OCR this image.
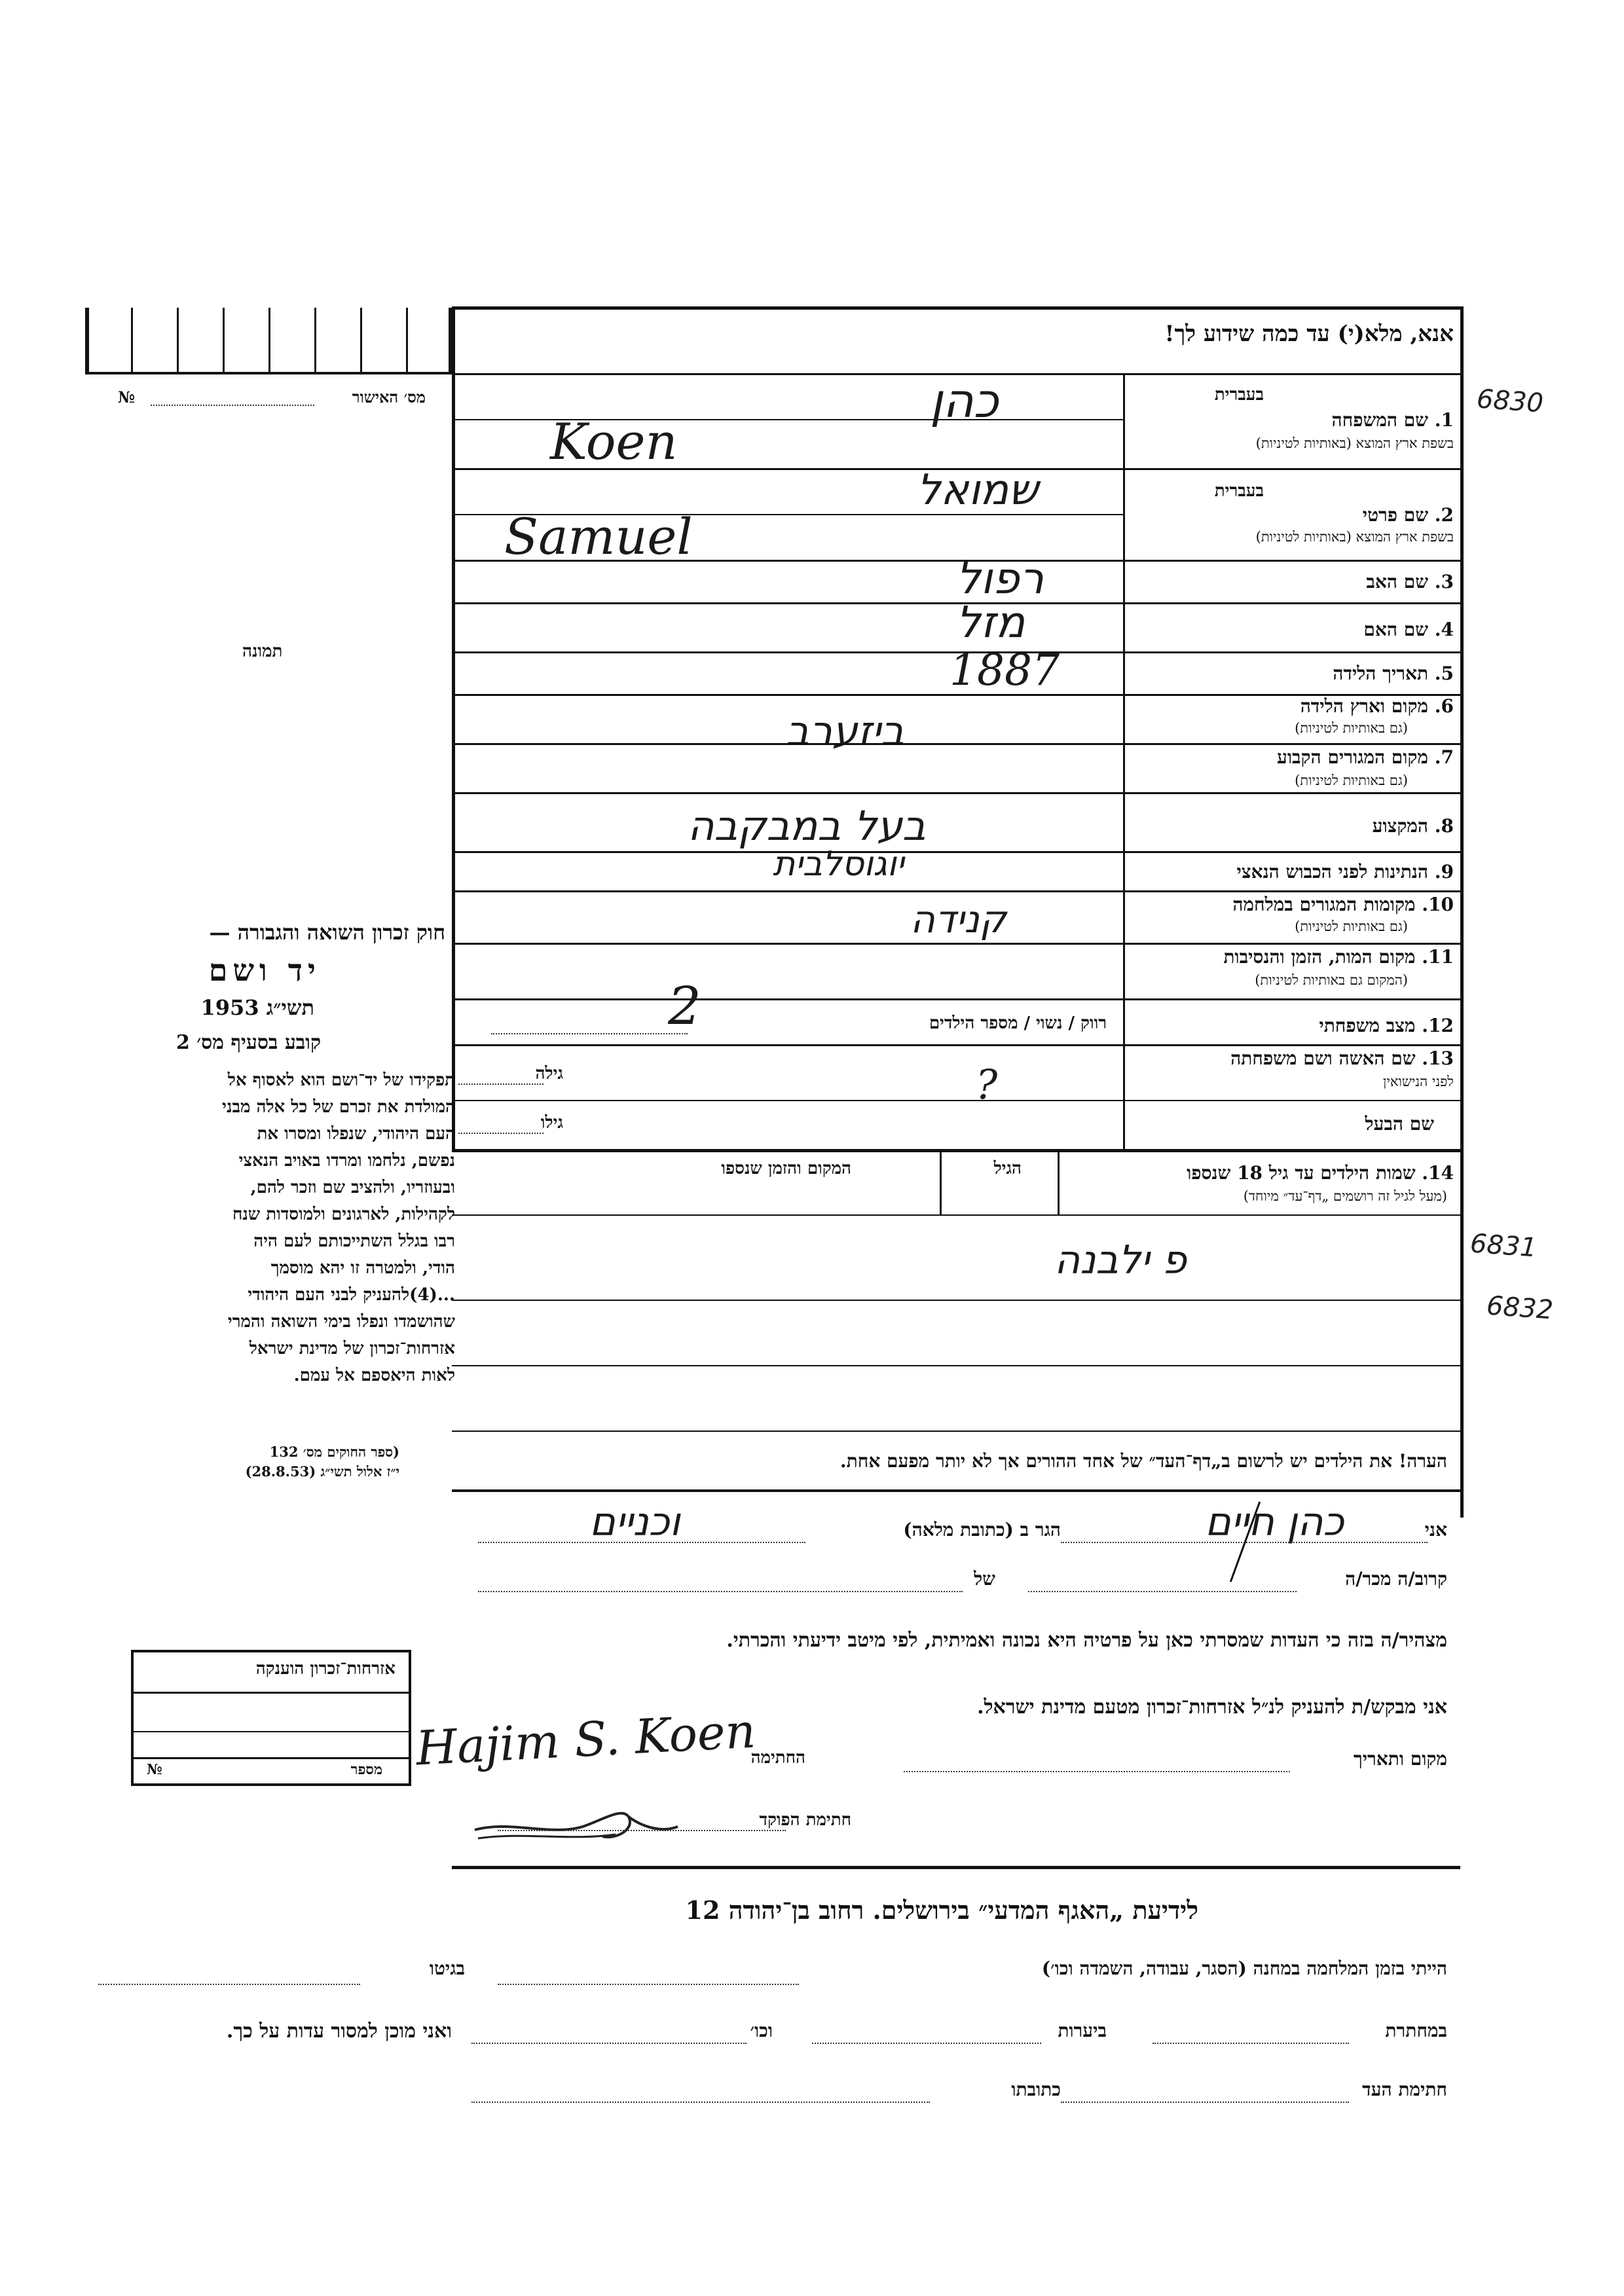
אנא, מלא(י) עד כמה שידוע לך!
№	מס׳ האישור
תמונה
בעברית
1. שם המשפחה
בשפת ארץ המוצא (באותיות לטיניות)
כהן
Koen
בעברית
2. שם פרטי
בשפת ארץ המוצא (באותיות לטיניות)
שמואל
Samuel
3. שם האב
רפול
4. שם האם
מזל
5. תאריך הלידה
1887
6. מקום וארץ הלידה
(גם באותיות לטיניות)
ביזערב
7. מקום המגורים הקבוע
(גם באותיות לטיניות)
8. המקצוע
בעל במבקבה
9. הנתינות לפני הכבוש הנאצי
יוגוסלבית
10. מקומות המגורים במלחמה
(גם באותיות לטיניות)
קנידה
11. מקום המות, הזמן והנסיבות
(המקום גם באותיות לטיניות)
12. מצב משפחתי
רווק / נשוי / מספר הילדים
2
13. שם האשה ושם משפחתה
לפני הנישואין
גילה	?
שם הבעל
גילו
14. שמות הילדים עד גיל 18 שנספו
(מעל לגיל זה רושמים „דף־עד״ מיוחד)
הגיל
המקום והזמן שנספו
פ ילבנה
הערה! את הילדים יש לרשום ב„דף־העד״ של אחד ההורים אך לא יותר מפעם אחת.
אני
כהן חיים
הגר ב (כתובת מלאה)
וכניים
קרוב/ה מכר/ה
של
מצהיר/ה בזה כי העדות שמסרתי כאן על פרטיה היא נכונה ואמיתית, לפי מיטב ידיעתי והכרתי.
אני מבקש/ת להעניק לנ״ל אזרחות־זכרון מטעם מדינת ישראל.
מקום ותאריך
החתימה
Hajim S. Koen
חתימת הפוקד
לידיעת „האגף המדעי״ בירושלים. רחוב בן־יהודה 12
הייתי בזמן המלחמה במחנה (הסגר, עבודה, השמדה וכו׳)
בגיטו
במחתרת
ביערות
וכו׳
ואני מוכן למסור עדות על כך.
חתימת העד
כתובתו
חוק זכרון השואה והגבורה —
יד ושם
תשי״ג 1953
קובע בסעיף מס׳ 2
תפקידו של יד־ושם הוא לאסוף אל
המולדת את זכרם של כל אלה מבני
העם היהודי, שנפלו ומסרו את
נפשם, נלחמו ומרדו באויב הנאצי
ובעוזריו, ולהציב שם וזכר להם,
לקהילות, לארגונים ולמוסדות שנח
רבו בגלל השתייכותם לעם היה
הודי, ולמטרה זו יהא מוסמך
...(4)להעניק לבני העם היהודי
שהושמדו ונפלו בימי השואה והמרי
אזרחות־זכרון של מדינת ישראל
לאות היאספם אל עמם.
(ספר החוקים מס׳ 132
י״ז אלול תשי״ג (28.8.53)
אזרחות־זכרון הוענקה
מספר
№
6830
6831
6832
